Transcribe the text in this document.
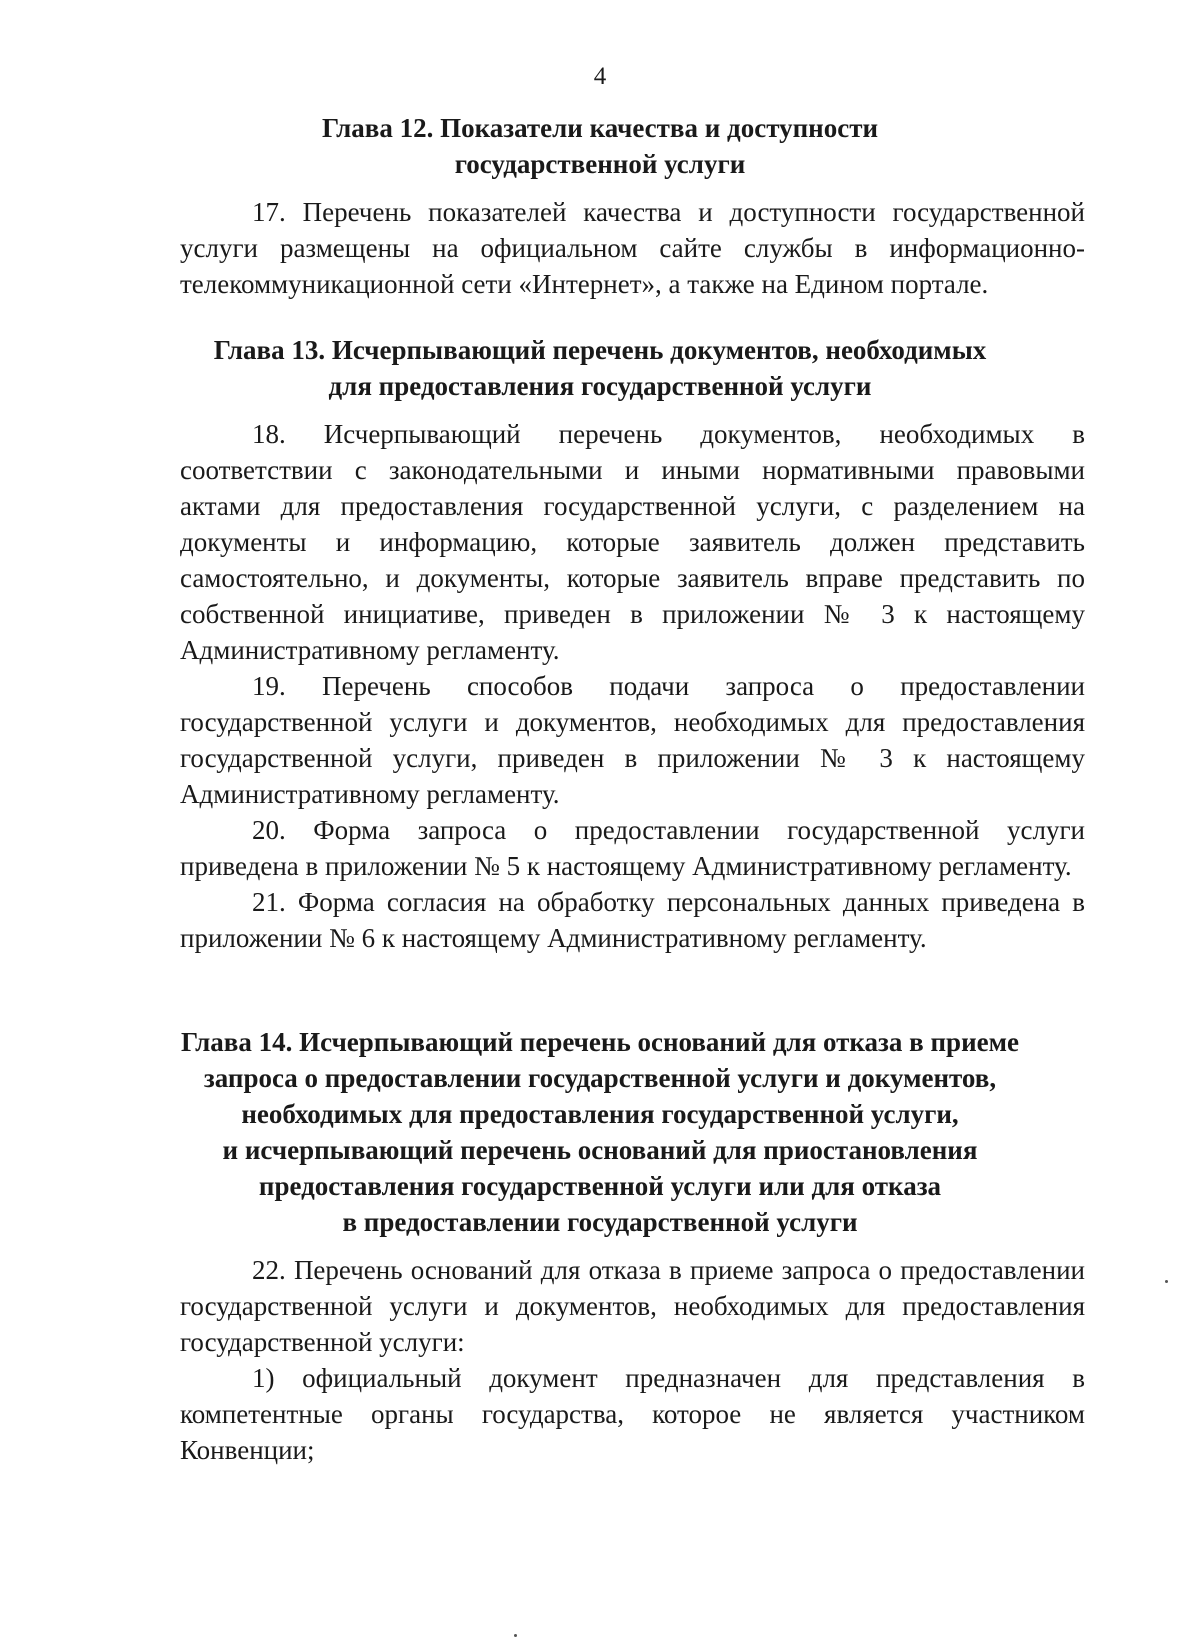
4
Глава 12. Показатели качества и доступности
государственной услуги
17. Перечень показателей качества и доступности государственной
услуги размещены на официальном сайте службы в информационно-
телекоммуникационной сети «Интернет», а также на Едином портале.
Глава 13. Исчерпывающий перечень документов, необходимых
для предоставления государственной услуги
18. Исчерпывающий перечень документов, необходимых в
соответствии с законодательными и иными нормативными правовыми
актами для предоставления государственной услуги, с разделением на
документы и информацию, которые заявитель должен представить
самостоятельно, и документы, которые заявитель вправе представить по
собственной инициативе, приведен в приложении № 3 к настоящему
Административному регламенту.
19. Перечень способов подачи запроса о предоставлении
государственной услуги и документов, необходимых для предоставления
государственной услуги, приведен в приложении № 3 к настоящему
Административному регламенту.
20. Форма запроса о предоставлении государственной услуги
приведена в приложении № 5 к настоящему Административному регламенту.
21. Форма согласия на обработку персональных данных приведена в
приложении № 6 к настоящему Административному регламенту.
Глава 14. Исчерпывающий перечень оснований для отказа в приеме
запроса о предоставлении государственной услуги и документов,
необходимых для предоставления государственной услуги,
и исчерпывающий перечень оснований для приостановления
предоставления государственной услуги или для отказа
в предоставлении государственной услуги
22. Перечень оснований для отказа в приеме запроса о предоставлении
государственной услуги и документов, необходимых для предоставления
государственной услуги:
1) официальный документ предназначен для представления в
компетентные органы государства, которое не является участником
Конвенции;
